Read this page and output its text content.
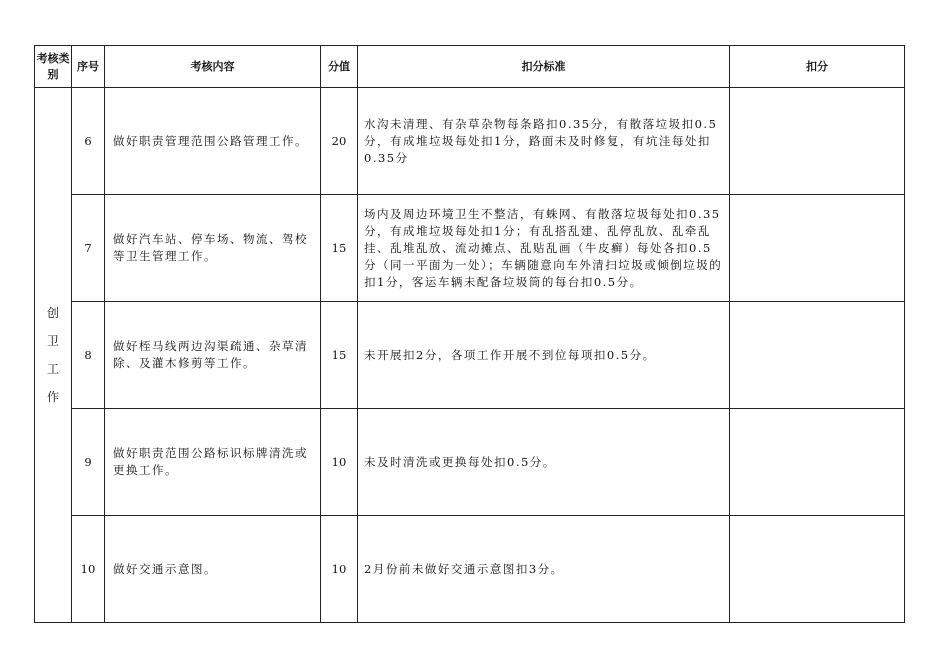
考核类别	序号	考核内容	分值	扣分标准	扣分
创卫工作	6	做好职责管理范围公路管理工作。	20	水沟未清理、有杂草杂物每条路扣0.35分，有散落垃圾扣0.5分，有成堆垃圾每处扣1分，路面未及时修复，有坑洼每处扣0.35分	
	7	做好汽车站、停车场、物流、驾校等卫生管理工作。	15	场内及周边环境卫生不整洁，有蛛网、有散落垃圾每处扣0.35分，有成堆垃圾每处扣1分；有乱搭乱建、乱停乱放、乱牵乱挂、乱堆乱放、流动摊点、乱贴乱画（牛皮癣）每处各扣0.5分（同一平面为一处）；车辆随意向车外清扫垃圾或倾倒垃圾的扣1分，客运车辆未配备垃圾筒的每台扣0.5分。	
	8	做好桎马线两边沟渠疏通、杂草清除、及灌木修剪等工作。	15	未开展扣2分，各项工作开展不到位每项扣0.5分。	
	9	做好职责范围公路标识标牌清洗或更换工作。	10	未及时清洗或更换每处扣0.5分。	
	10	做好交通示意图。	10	2月份前未做好交通示意图扣3分。	
